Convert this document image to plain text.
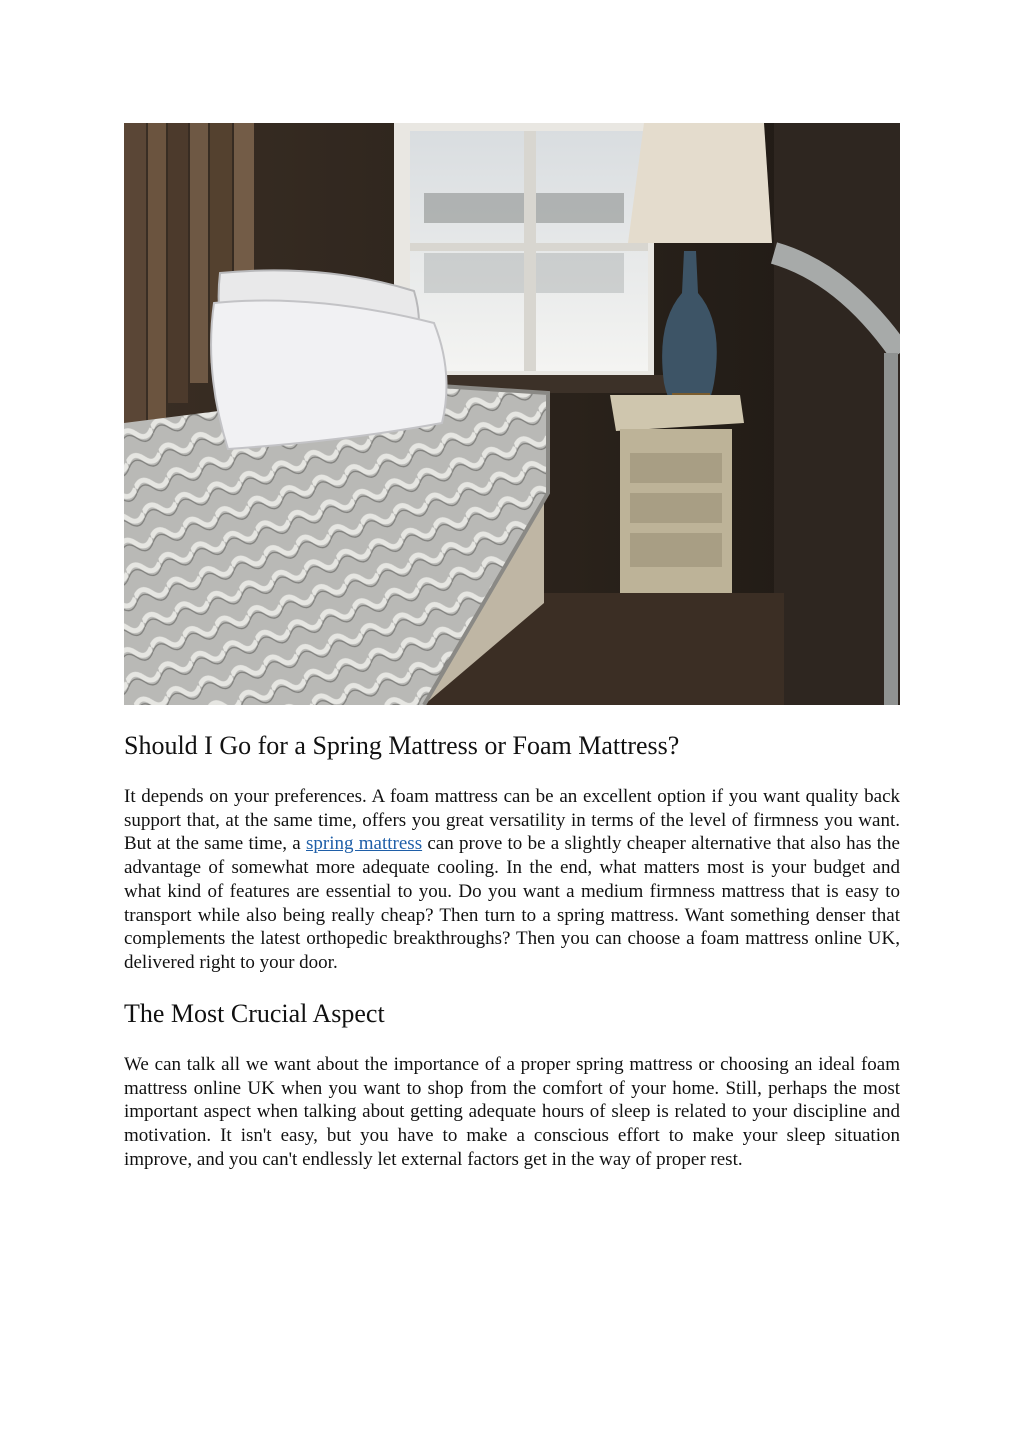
Should I Go for a Spring Mattress or Foam Mattress?

It depends on your preferences. A foam mattress can be an excellent option if you want quality back support that, at the same time, offers you great versatility in terms of the level of firmness you want. But at the same time, a spring mattress can prove to be a slightly cheaper alternative that also has the advantage of somewhat more adequate cooling. In the end, what matters most is your budget and what kind of features are essential to you. Do you want a medium firmness mattress that is easy to transport while also being really cheap? Then turn to a spring mattress. Want something denser that complements the latest orthopedic breakthroughs? Then you can choose a foam mattress online UK, delivered right to your door.

The Most Crucial Aspect

We can talk all we want about the importance of a proper spring mattress or choosing an ideal foam mattress online UK when you want to shop from the comfort of your home. Still, perhaps the most important aspect when talking about getting adequate hours of sleep is related to your discipline and motivation. It isn't easy, but you have to make a conscious effort to make your sleep situation improve, and you can't endlessly let external factors get in the way of proper rest.
